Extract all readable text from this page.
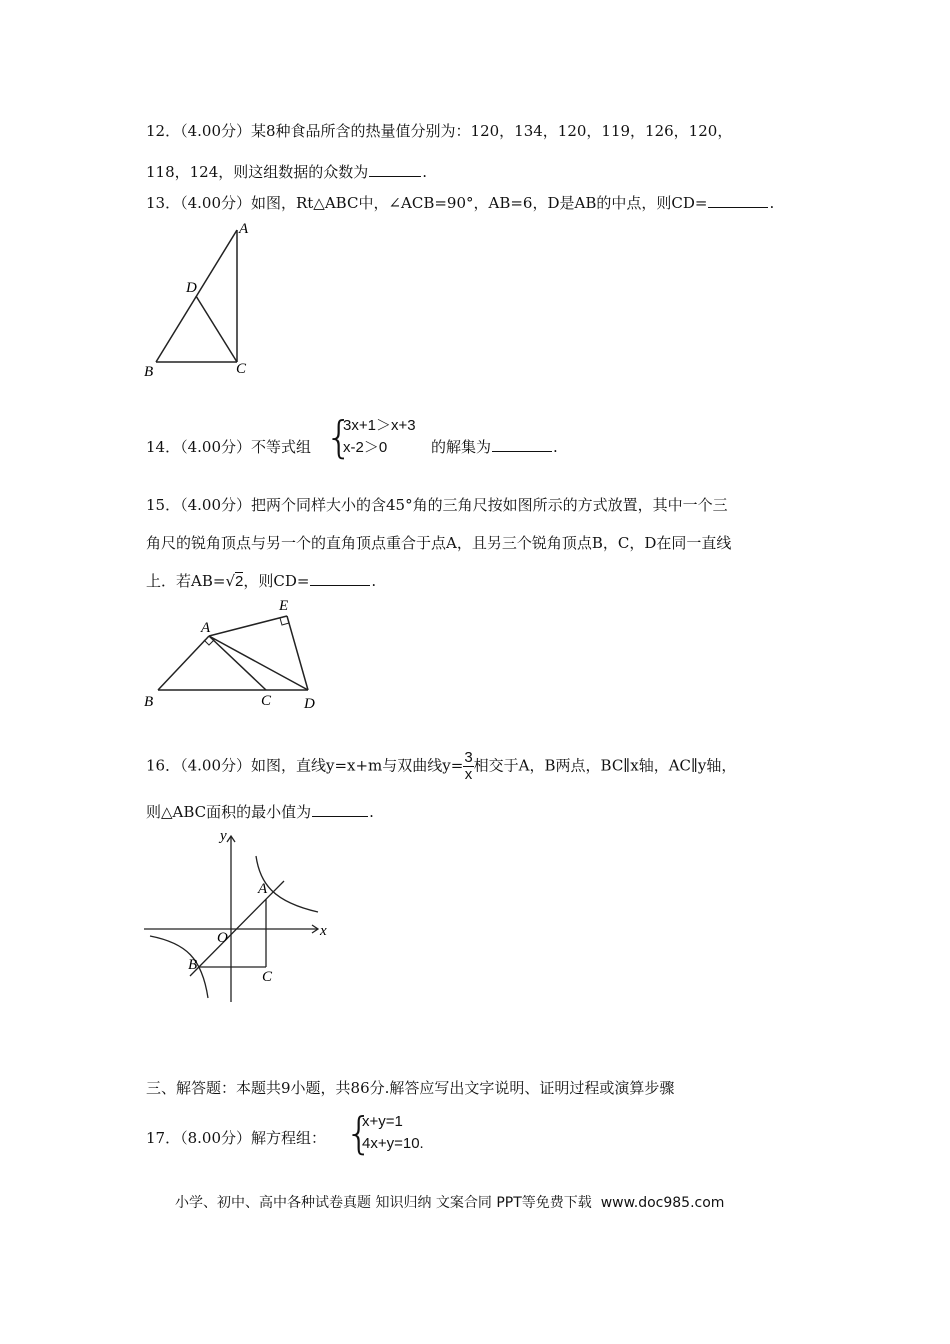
12．（4.00分）某8种食品所含的热量值分别为：120，134，120，119，126，120，
118，124，则这组数据的众数为	.
13．（4.00分）如图，Rt△ABC中，∠ACB=90°，AB=6，D是AB的中点，则CD=	.
A
D
B	C
14．（4.00分）不等式组 {
3x+1＞x+3
x-2＞0	的解集为	.
15．（4.00分）把两个同样大小的含45°角的三角尺按如图所示的方式放置，其中一个三
角尺的锐角顶点与另一个的直角顶点重合于点A，且另三个锐角顶点B，C，D在同一直线
上．若AB=√2，则CD=	.
A
E
B	C D
16．（4.00分）如图，直线y=x+m与双曲线$y= \frac{3}{x}$ 相交于A，B两点，BC∥x轴，AC∥y轴，
则△ABC面积的最小值为	.
y
x
O
A
B
C
三、解答题：本题共9小题，共86分.解答应写出文字说明、证明过程或演算步骤
17．（8.00分）解方程组： {
x+y=1
4x+y=10.
小学、初中、高中各种试卷真题 知识归纳 文案合同 PPT等免费下载 www.doc985.com
